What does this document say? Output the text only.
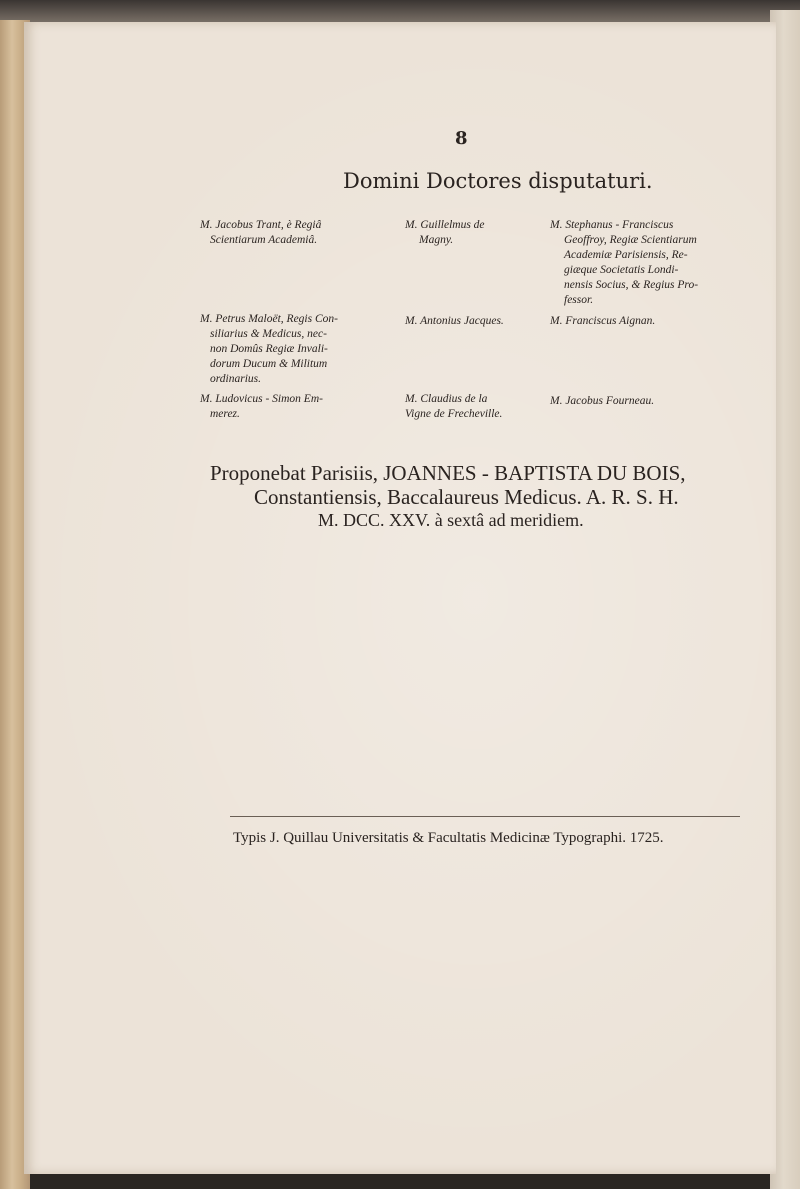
8
Domini Doctores disputaturi.
M. Jacobus Trant, è Regiâ
Scientiarum Academiâ.
M. Guillelmus de
Magny.
M. Stephanus - Franciscus
Geoffroy, Regiæ Scientiarum
Academiæ Parisiensis, Re-
giæque Societatis Londi-
nensis Socius, & Regius Pro-
fessor.
M. Petrus Maloët, Regis Con-
siliarius & Medicus, nec-
non Domûs Regiæ Invali-
dorum Ducum & Militum
ordinarius.
M. Antonius Jacques.	M. Franciscus Aignan.
M. Ludovicus - Simon Em-
merez.
M. Claudius de la
Vigne de Frecheville.
M. Jacobus Fourneau.
Proponebat Parisiis, JOANNES - BAPTISTA DU BOIS,
Constantiensis, Baccalaureus Medicus. A. R. S. H.
M. DCC. XXV. à sextâ ad meridiem.
Typis J. Quillau Universitatis & Facultatis Medicinæ Typographi. 1725.
